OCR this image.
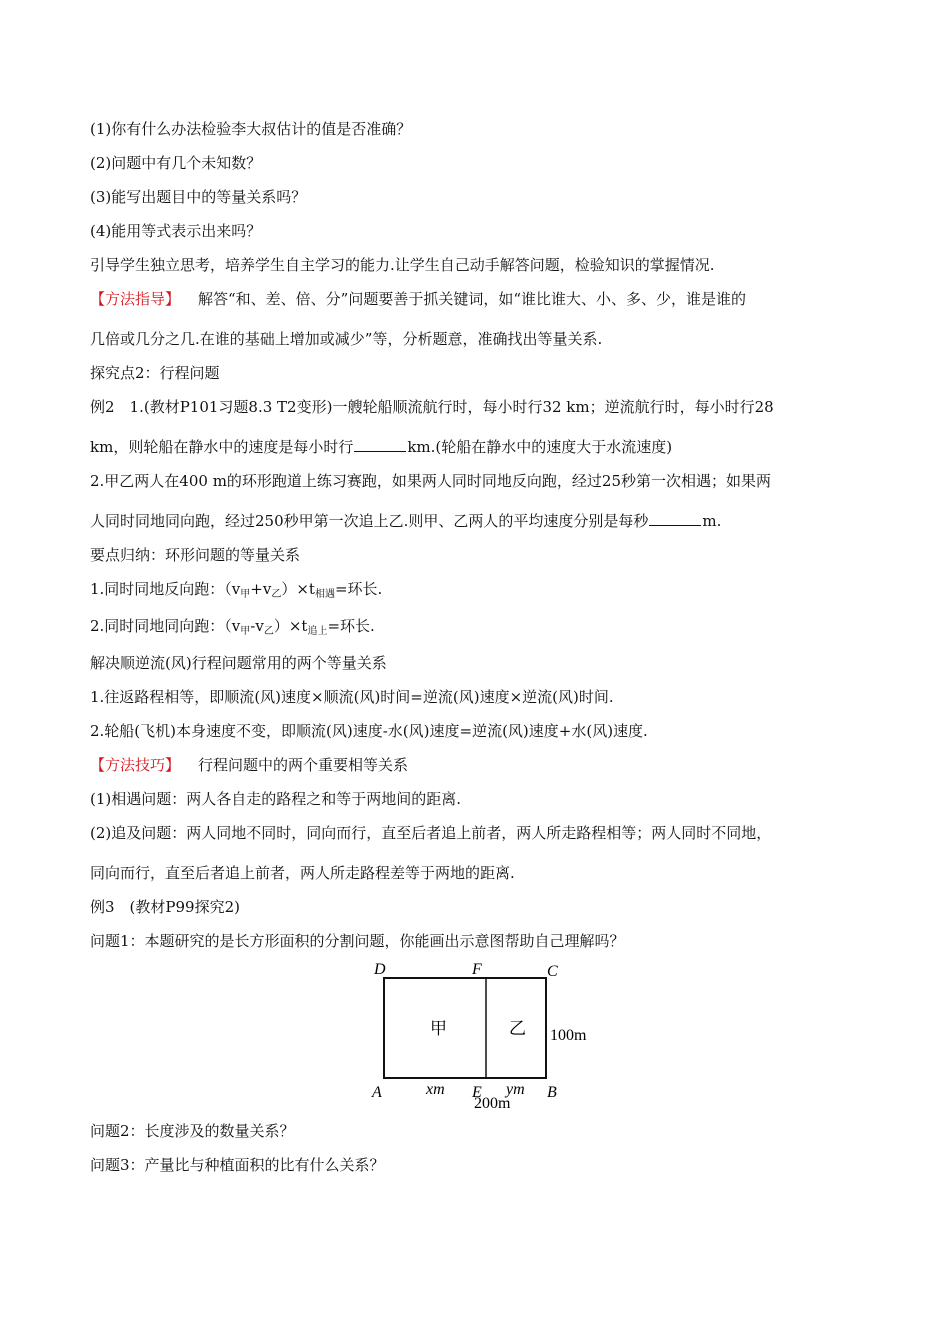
(1)你有什么办法检验李大叔估计的值是否准确？
(2)问题中有几个未知数？
(3)能写出题目中的等量关系吗？
(4)能用等式表示出来吗？
引导学生独立思考，培养学生自主学习的能力.让学生自己动手解答问题，检验知识的掌握情况.
【方法指导】 解答“和、差、倍、分”问题要善于抓关键词，如“谁比谁大、小、多、少，谁是谁的
几倍或几分之几.在谁的基础上增加或减少”等，分析题意，准确找出等量关系.
探究点2：行程问题
例2　1.(教材P101习题8.3 T2变形)一艘轮船顺流航行时，每小时行32 km；逆流航行时，每小时行28
km，则轮船在静水中的速度是每小时行	km.(轮船在静水中的速度大于水流速度)
2.甲乙两人在400 m的环形跑道上练习赛跑，如果两人同时同地反向跑，经过25秒第一次相遇；如果两
人同时同地同向跑，经过250秒甲第一次追上乙.则甲、乙两人的平均速度分别是每秒	m.
要点归纳：环形问题的等量关系
1.同时同地反向跑：$(v_甲+v_乙)\times t_{相遇}=$环长.
2.同时同地同向跑：$(v_甲-v_乙)\times t_{追上}=$环长.
解决顺逆流(风)行程问题常用的两个等量关系
1.往返路程相等，即顺流(风)速度×顺流(风)时间=逆流(风)速度×逆流(风)时间.
2.轮船(飞机)本身速度不变，即顺流(风)速度-水(风)速度=逆流(风)速度+水(风)速度.
【方法技巧】 行程问题中的两个重要相等关系
(1)相遇问题：两人各自走的路程之和等于两地间的距离.
(2)追及问题：两人同地不同时，同向而行，直至后者追上前者，两人所走路程相等；两人同时不同地，
同向而行，直至后者追上前者，两人所走路程差等于两地的距离.
例3　(教材P99探究2)
问题1：本题研究的是长方形面积的分割问题，你能画出示意图帮助自己理解吗？
D	F	C
A	E	B
甲	乙 100m
xm	ym
200m
问题2：长度涉及的数量关系？
问题3：产量比与种植面积的比有什么关系？
